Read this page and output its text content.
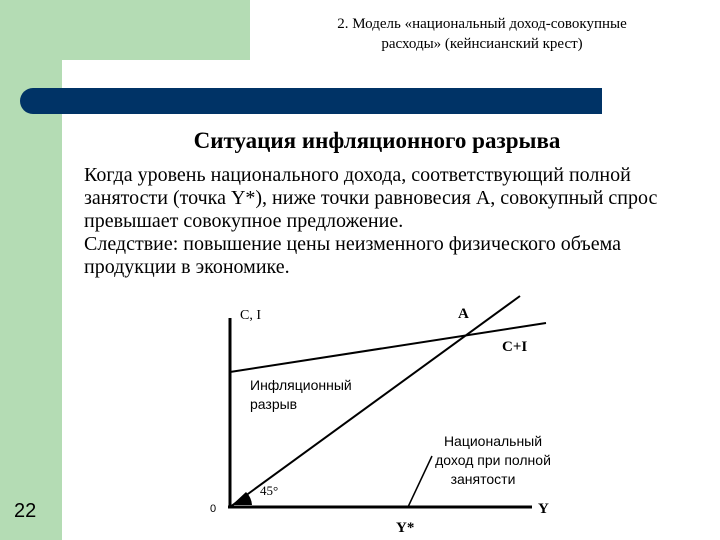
2. Модель «национальный доход-совокупные
расходы» (кейнсианский крест)
Ситуация инфляционного разрыва

Когда уровень национального дохода, соответствующий полной занятости (точка Y*), ниже точки равновесия А, совокупный спрос превышает совокупное предложение.

Следствие: повышение цены неизменного физического объема продукции в экономике.

C, I	A
C+I
Инфляционный
разрыв
Национальный
доход при полной
занятости
45°
0	Y
Y*
22
